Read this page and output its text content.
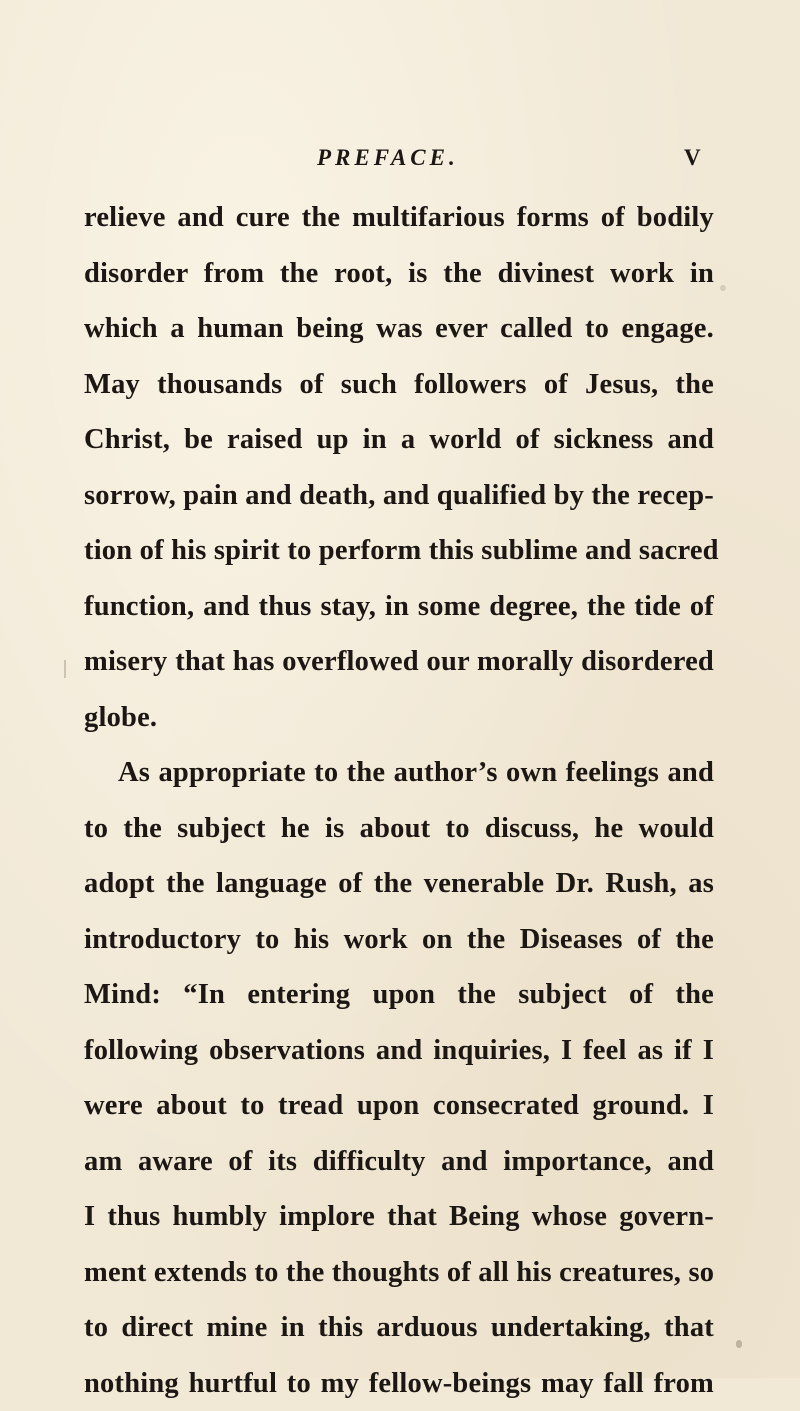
PREFACE.	V
relieve and cure the multifarious forms of bodily
disorder from the root, is the divinest work in
which a human being was ever called to engage.
May thousands of such followers of Jesus, the
Christ, be raised up in a world of sickness and
sorrow, pain and death, and qualified by the recep-
tion of his spirit to perform this sublime and sacred
function, and thus stay, in some degree, the tide of
misery that has overflowed our morally disordered
globe.
As appropriate to the author’s own feelings and
to the subject he is about to discuss, he would
adopt the language of the venerable Dr. Rush, as
introductory to his work on the Diseases of the
Mind: “In entering upon the subject of the
following observations and inquiries, I feel as if I
were about to tread upon consecrated ground. I
am aware of its difficulty and importance, and
I thus humbly implore that Being whose govern-
ment extends to the thoughts of all his creatures, so
to direct mine in this arduous undertaking, that
nothing hurtful to my fellow-beings may fall from
